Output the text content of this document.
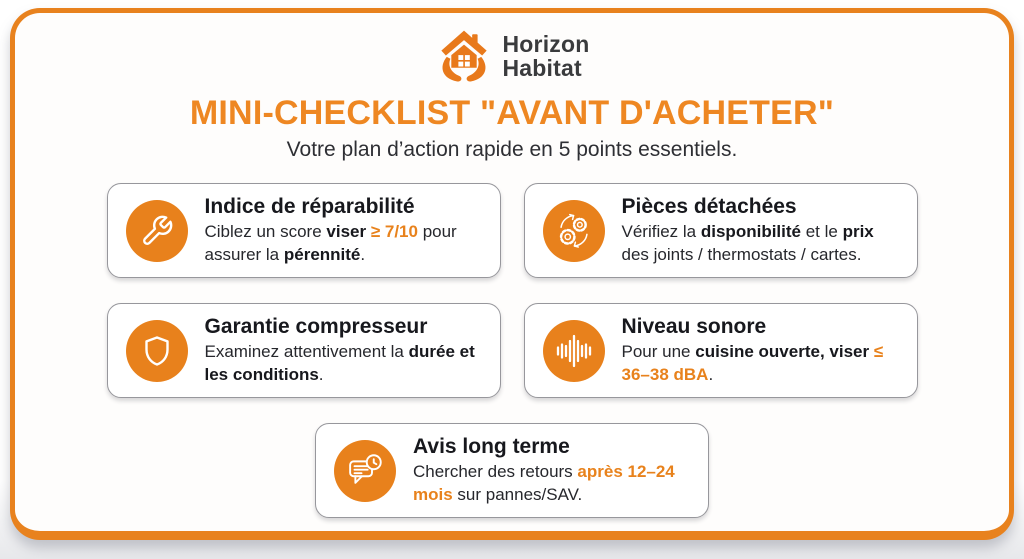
Horizon
Habitat
MINI-CHECKLIST "AVANT D'ACHETER"
Votre plan d’action rapide en 5 points essentiels.
Indice de réparabilité
Ciblez un score viser ≥ 7/10 pour assurer la pérennité.
Pièces détachées
Vérifiez la disponibilité et le prix des joints / thermostats / cartes.
Garantie compresseur
Examinez attentivement la durée et les conditions.
Niveau sonore
Pour une cuisine ouverte, viser ≤ 36–38 dBA.
Avis long terme
Chercher des retours après 12–24 mois sur pannes/SAV.
